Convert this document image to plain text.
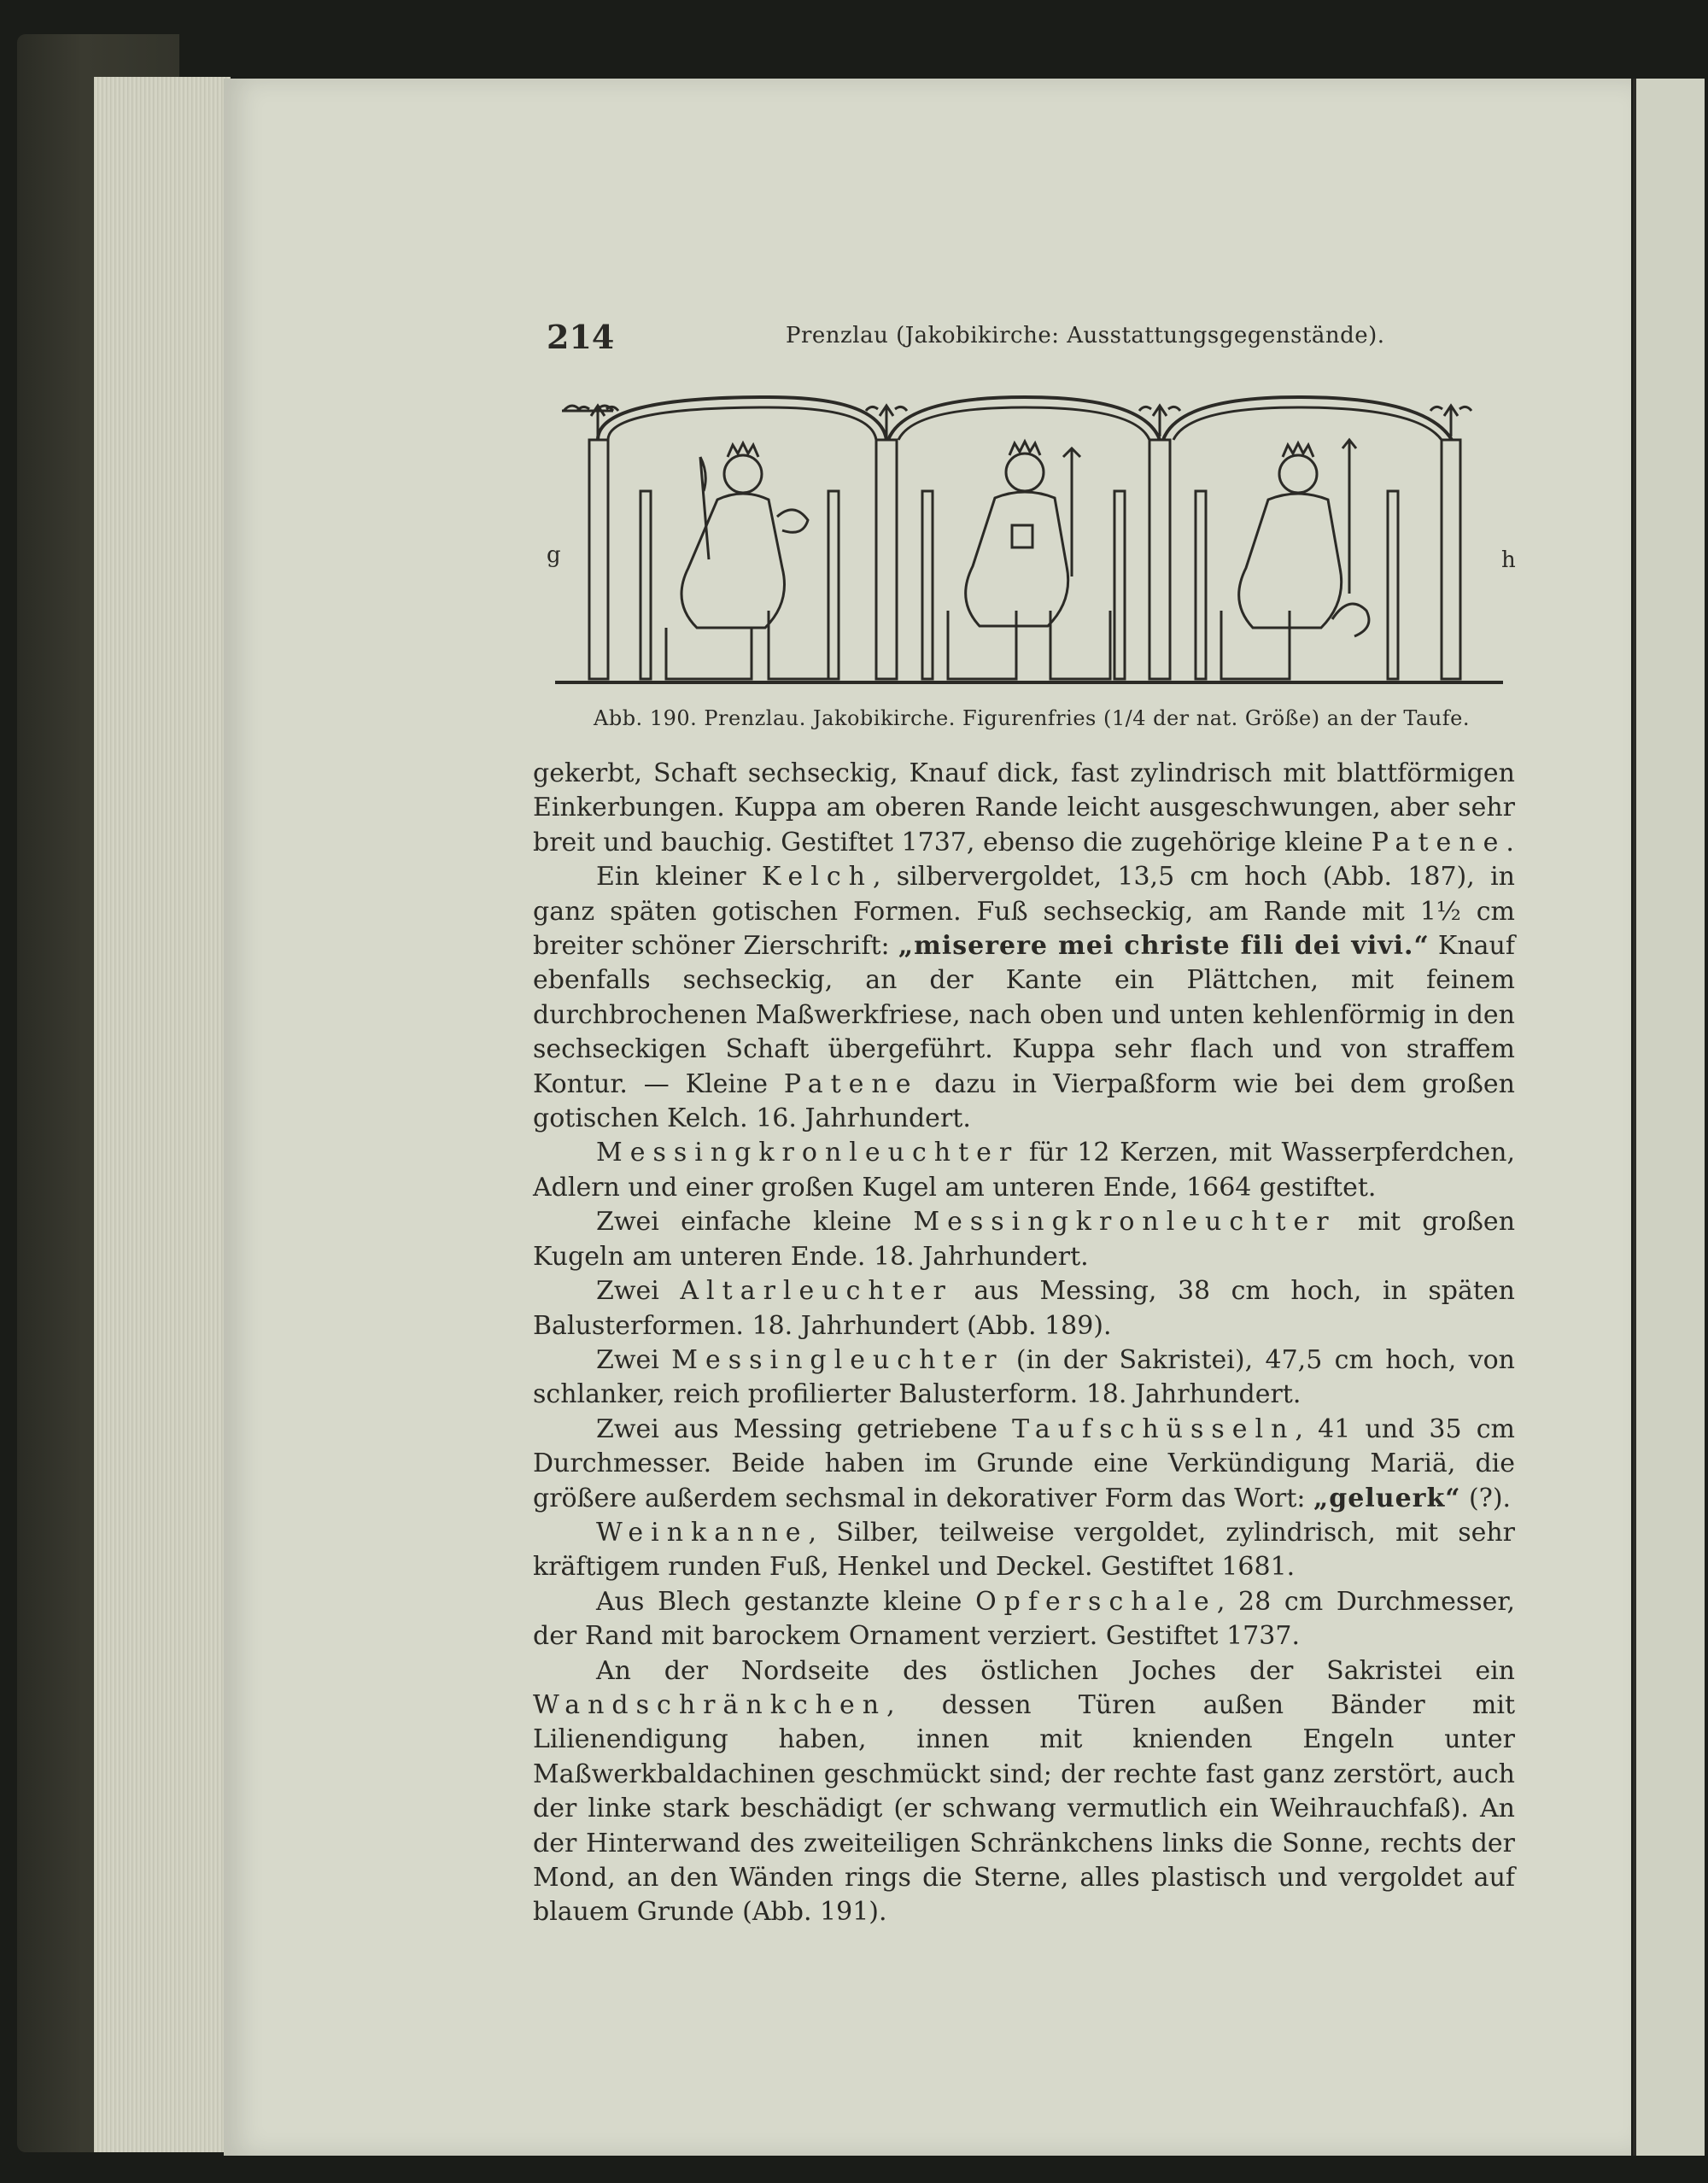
214	Prenzlau (Jakobikirche: Ausstattungsgegenstände).
g	h
Abb. 190. Prenzlau. Jakobikirche. Figurenfries (1/4 der nat. Größe) an der Taufe.

gekerbt, Schaft sechseckig, Knauf dick, fast zylindrisch mit blattförmigen Einkerbungen. Kuppa am oberen Rande leicht ausgeschwungen, aber sehr breit und bauchig. Gestiftet 1737, ebenso die zugehörige kleine Patene.

Ein kleiner Kelch, silbervergoldet, 13,5 cm hoch (Abb. 187), in ganz späten gotischen Formen. Fuß sechseckig, am Rande mit 1½ cm breiter schöner Zierschrift: „miserere mei christe fili dei vivi.“ Knauf ebenfalls sechseckig, an der Kante ein Plättchen, mit feinem durchbrochenen Maßwerkfriese, nach oben und unten kehlenförmig in den sechseckigen Schaft übergeführt. Kuppa sehr flach und von straffem Kontur. — Kleine Patene dazu in Vierpaßform wie bei dem großen gotischen Kelch. 16. Jahrhundert.

Messingkronleuchter für 12 Kerzen, mit Wasserpferdchen, Adlern und einer großen Kugel am unteren Ende, 1664 gestiftet.

Zwei einfache kleine Messingkronleuchter mit großen Kugeln am unteren Ende. 18. Jahrhundert.

Zwei Altarleuchter aus Messing, 38 cm hoch, in späten Balusterformen. 18. Jahrhundert (Abb. 189).

Zwei Messingleuchter (in der Sakristei), 47,5 cm hoch, von schlanker, reich profilierter Balusterform. 18. Jahrhundert.

Zwei aus Messing getriebene Taufschüsseln, 41 und 35 cm Durchmesser. Beide haben im Grunde eine Verkündigung Mariä, die größere außerdem sechsmal in dekorativer Form das Wort: „geluerk“ (?).

Weinkanne, Silber, teilweise vergoldet, zylindrisch, mit sehr kräftigem runden Fuß, Henkel und Deckel. Gestiftet 1681.

Aus Blech gestanzte kleine Opferschale, 28 cm Durchmesser, der Rand mit barockem Ornament verziert. Gestiftet 1737.

An der Nordseite des östlichen Joches der Sakristei ein Wandschränkchen, dessen Türen außen Bänder mit Lilienendigung haben, innen mit knienden Engeln unter Maßwerkbaldachinen geschmückt sind; der rechte fast ganz zerstört, auch der linke stark beschädigt (er schwang vermutlich ein Weihrauchfaß). An der Hinterwand des zweiteiligen Schränkchens links die Sonne, rechts der Mond, an den Wänden rings die Sterne, alles plastisch und vergoldet auf blauem Grunde (Abb. 191).
